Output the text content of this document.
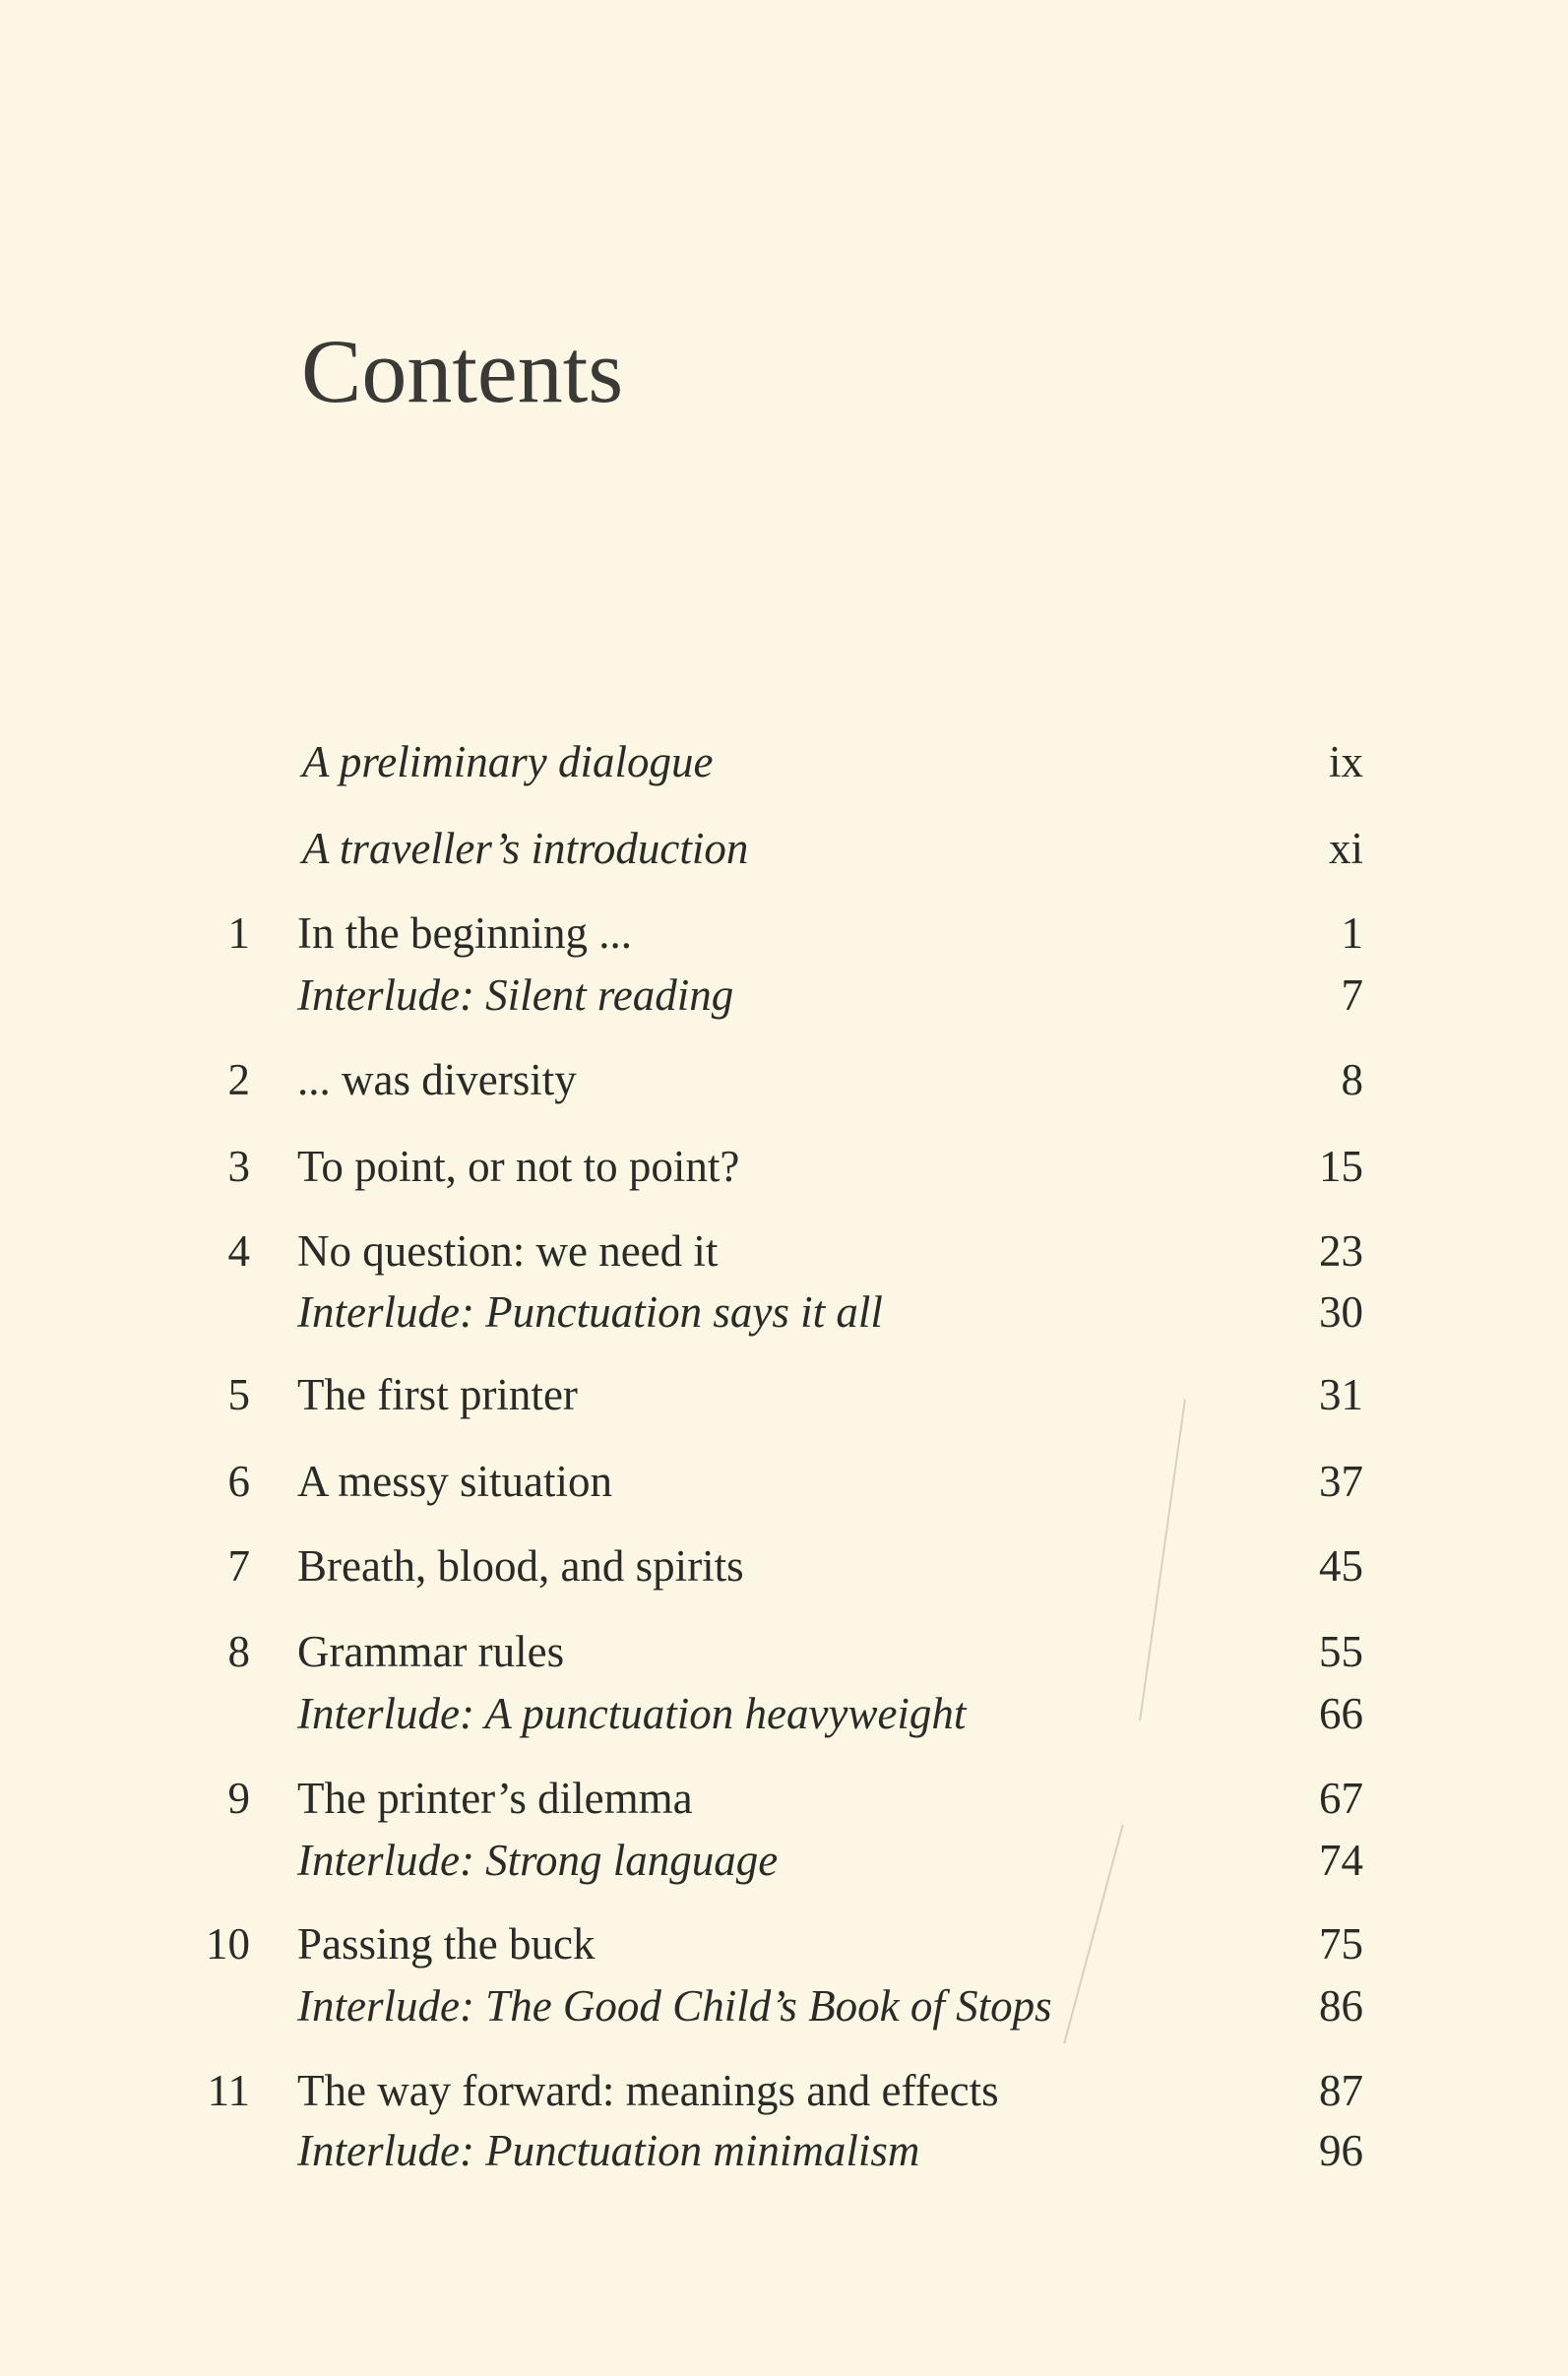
Contents
A preliminary dialogue	ix
A traveller’s introduction	xi
1 In the beginning ...	1
Interlude: Silent reading	7
2 ... was diversity	8
3 To point, or not to point?	15
4 No question: we need it	23
Interlude: Punctuation says it all	30
5 The first printer	31
6 A messy situation	37
7 Breath, blood, and spirits	45
8 Grammar rules	55
Interlude: A punctuation heavyweight	66
9 The printer’s dilemma	67
Interlude: Strong language	74
10 Passing the buck	75
Interlude: The Good Child’s Book of Stops	86
11 The way forward: meanings and effects	87
Interlude: Punctuation minimalism	96
